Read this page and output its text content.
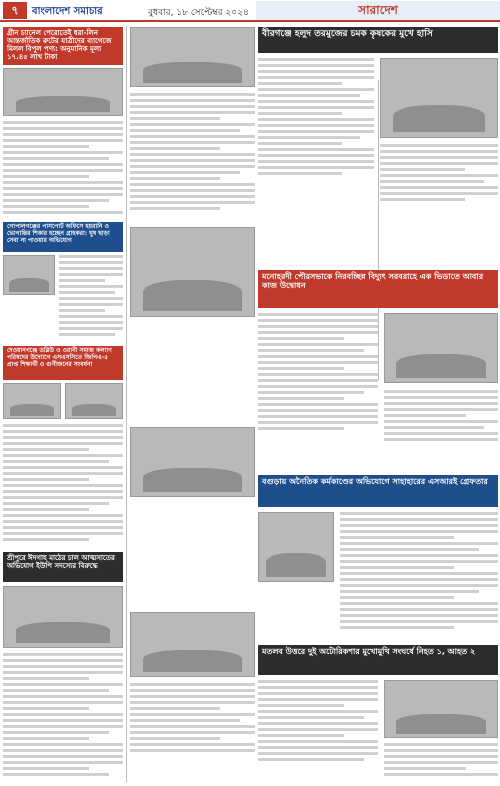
৭	বাংলাদেশ সমাচার	বুধবার, ১৮ সেপ্টেম্বর ২০২৪	সারাদেশ
গ্রীন চ্যানেল পেরোতেই ধরা-লিন আন্তর্জাতিক রুটের যাত্রীদের ব্যাগেজে মিলল বিপুল পণ্য: অনুমানিক মূল্য ১৭.৪৫ লাখ টাকা
গোপালগঞ্জের পাসপোর্ট অফিসে হয়রানি ও ভোগান্তির শিকার হচ্ছেন গ্রাহকরা: ঘুষ ছাড়া সেবা না পাওয়ার অভিযোগ
দেওয়ানগঞ্জে ডব্লিউ ও ওরানী সমাজ কল্যাণ পরিষদের উদ্যোগে এসএসসিতে জিপিএ-৫ প্রাপ্ত শিক্ষার্থী ও গুণীজনের সংবর্ধনা
শ্রীপুরে ঈদগাহ মাঠের চাল আত্মসাতের অভিযোগ ইউপি সদস্যের বিরুদ্ধে
বীরগঞ্জে হলুদ তরমুজের চমক কৃষকের মুখে হাসি
মনোহরদী পৌরসভাকে নিরবচ্ছিন্ন বিদ্যুৎ সরবরাহে এক ভিডাতে আবার কাজ উদ্বোধন
বগুড়ায় অনৈতিক কর্মকাণ্ডের অভিযোগে সাহাহারের এসআরই গ্রেফতার
মতলব উত্তরে দুই অটোরিকশার মুখোমুখি সংঘর্ষে নিহত ১, আহত ২
